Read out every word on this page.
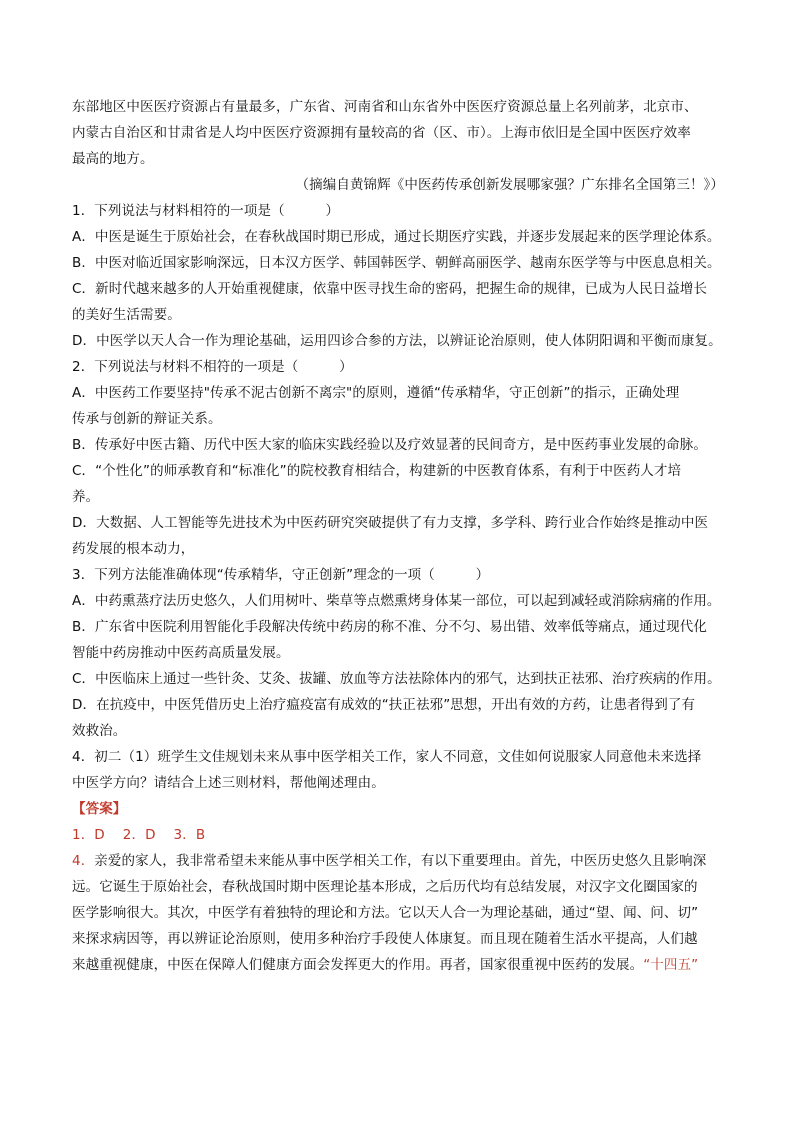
东部地区中医医疗资源占有量最多，广东省、河南省和山东省外中医医疗资源总量上名列前茅，北京市、
内蒙古自治区和甘肃省是人均中医医疗资源拥有量较高的省（区、市）。上海市依旧是全国中医医疗效率
最高的地方。
（摘编自黄锦辉《中医药传承创新发展哪家强？广东排名全国第三！》）
1．下列说法与材料相符的一项是（　　　）
A．中医是诞生于原始社会，在春秋战国时期已形成，通过长期医疗实践，并逐步发展起来的医学理论体系。
B．中医对临近国家影响深远，日本汉方医学、韩国韩医学、朝鲜高丽医学、越南东医学等与中医息息相关。
C．新时代越来越多的人开始重视健康，依靠中医寻找生命的密码，把握生命的规律，已成为人民日益增长
的美好生活需要。
D．中医学以天人合一作为理论基础，运用四诊合参的方法，以辨证论治原则，使人体阴阳调和平衡而康复。
2．下列说法与材料不相符的一项是（　　　）
A．中医药工作要坚持"传承不泥古创新不离宗"的原则，遵循“传承精华，守正创新”的指示，正确处理
传承与创新的辩证关系。
B．传承好中医古籍、历代中医大家的临床实践经验以及疗效显著的民间奇方，是中医药事业发展的命脉。
C．“个性化”的师承教育和“标准化”的院校教育相结合，构建新的中医教育体系，有利于中医药人才培
养。
D．大数据、人工智能等先进技术为中医药研究突破提供了有力支撑，多学科、跨行业合作始终是推动中医
药发展的根本动力，
3．下列方法能准确体现“传承精华，守正创新”理念的一项（　　　）
A．中药熏蒸疗法历史悠久，人们用树叶、柴草等点燃熏烤身体某一部位，可以起到减轻或消除病痛的作用。
B．广东省中医院利用智能化手段解决传统中药房的称不准、分不匀、易出错、效率低等痛点，通过现代化
智能中药房推动中医药高质量发展。
C．中医临床上通过一些针灸、艾灸、拔罐、放血等方法祛除体内的邪气，达到扶正祛邪、治疗疾病的作用。
D．在抗疫中，中医凭借历史上治疗瘟疫富有成效的“扶正祛邪”思想，开出有效的方药，让患者得到了有
效救治。
4．初二（1）班学生文佳规划未来从事中医学相关工作，家人不同意，文佳如何说服家人同意他未来选择
中医学方向？请结合上述三则材料，帮他阐述理由。
【答案】
1．D　 2．D　 3．B
4．亲爱的家人，我非常希望未来能从事中医学相关工作，有以下重要理由。首先，中医历史悠久且影响深
远。它诞生于原始社会，春秋战国时期中医理论基本形成，之后历代均有总结发展，对汉字文化圈国家的
医学影响很大。其次，中医学有着独特的理论和方法。它以天人合一为理论基础，通过“望、闻、问、切”
来探求病因等，再以辨证论治原则，使用多种治疗手段使人体康复。而且现在随着生活水平提高，人们越
来越重视健康，中医在保障人们健康方面会发挥更大的作用。再者，国家很重视中医药的发展。“十四五”
